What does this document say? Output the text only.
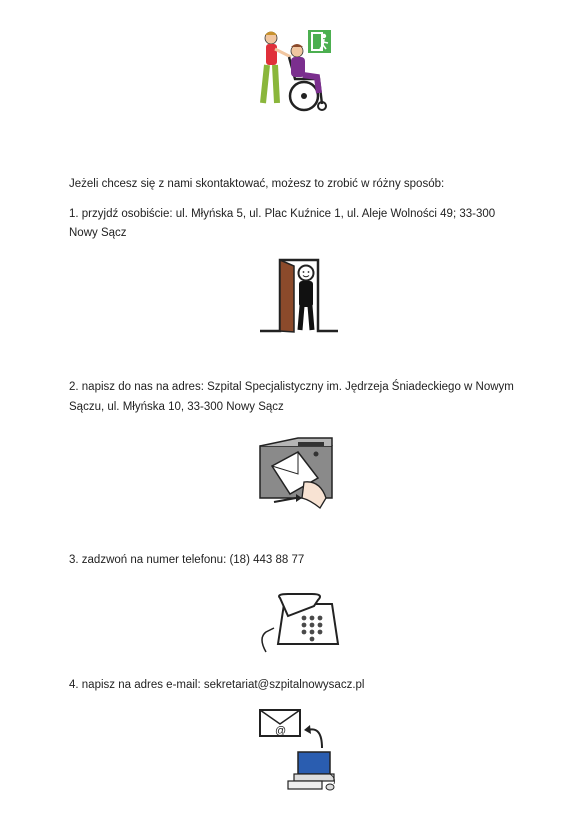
Jeżeli chcesz się z nami skontaktować, możesz to zrobić w różny sposób:
1. przyjdź osobiście: ul. Młyńska 5, ul. Plac Kuźnice 1, ul. Aleje Wolności 49; 33-300
Nowy Sącz
2. napisz do nas na adres: Szpital Specjalistyczny im. Jędrzeja Śniadeckiego w Nowym
Sączu, ul. Młyńska 10, 33-300 Nowy Sącz
3. zadzwoń na numer telefonu: (18) 443 88 77
4. napisz na adres e-mail: sekretariat@szpitalnowysacz.pl
@
